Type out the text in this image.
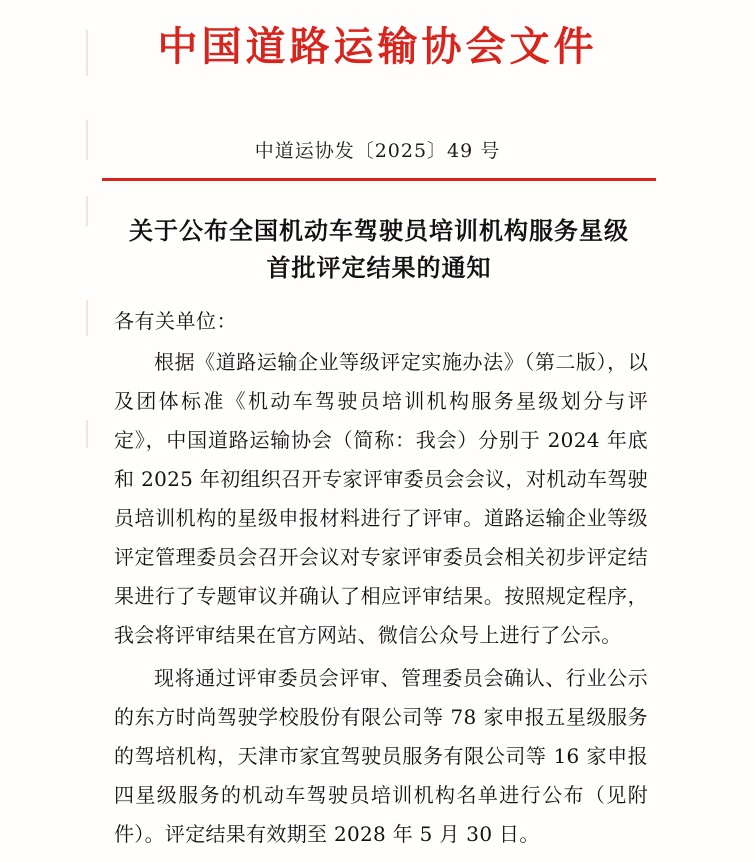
中国道路运输协会文件
中道运协发〔2025〕49 号
关于公布全国机动车驾驶员培训机构服务星级
首批评定结果的通知
各有关单位：
根据《道路运输企业等级评定实施办法》（第二版），以及团体标准《机动车驾驶员培训机构服务星级划分与评定》，中国道路运输协会（简称：我会）分别于 2024 年底和 2025 年初组织召开专家评审委员会会议，对机动车驾驶员培训机构的星级申报材料进行了评审。道路运输企业等级评定管理委员会召开会议对专家评审委员会相关初步评定结果进行了专题审议并确认了相应评审结果。按照规定程序，我会将评审结果在官方网站、微信公众号上进行了公示。
现将通过评审委员会评审、管理委员会确认、行业公示的东方时尚驾驶学校股份有限公司等 78 家申报五星级服务的驾培机构，天津市家宜驾驶员服务有限公司等 16 家申报四星级服务的机动车驾驶员培训机构名单进行公布（见附件）。评定结果有效期至 2028 年 5 月 30 日。
